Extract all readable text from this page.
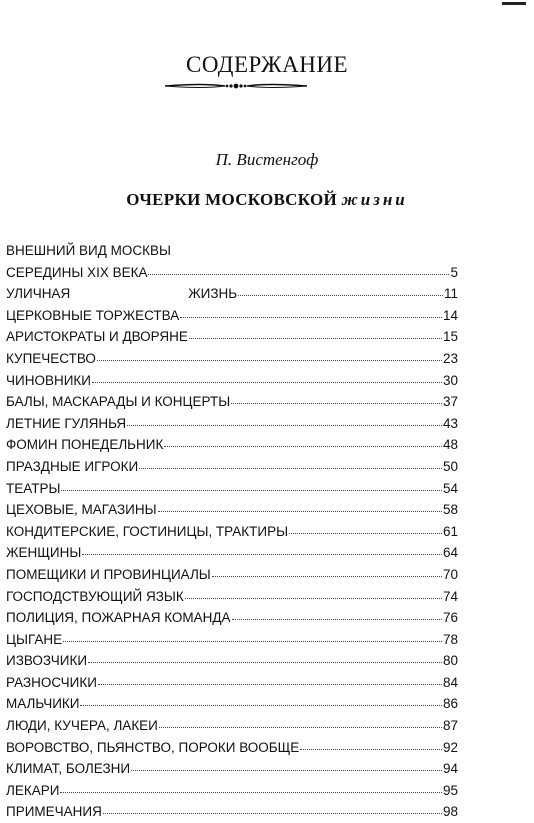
СОДЕРЖАНИЕ
П. Вистенгоф
ОЧЕРКИ МОСКОВСКОЙ жизни
ВНЕШНИЙ ВИД МОСКВЫ
СЕРЕДИНЫ XIX ВЕКА	5
УЛИЧНАЯ	ЖИЗНЬ	11
ЦЕРКОВНЫЕ ТОРЖЕСТВА	14
АРИСТОКРАТЫ И ДВОРЯНЕ	15
КУПЕЧЕСТВО	23
ЧИНОВНИКИ	30
БАЛЫ, МАСКАРАДЫ И КОНЦЕРТЫ	37
ЛЕТНИЕ ГУЛЯНЬЯ	43
ФОМИН ПОНЕДЕЛЬНИК	48
ПРАЗДНЫЕ ИГРОКИ	50
ТЕАТРЫ	54
ЦЕХОВЫЕ, МАГАЗИНЫ	58
КОНДИТЕРСКИЕ, ГОСТИНИЦЫ, ТРАКТИРЫ	61
ЖЕНЩИНЫ	64
ПОМЕЩИКИ И ПРОВИНЦИАЛЫ	70
ГОСПОДСТВУЮЩИЙ ЯЗЫК	74
ПОЛИЦИЯ, ПОЖАРНАЯ КОМАНДА	76
ЦЫГАНЕ	78
ИЗВОЗЧИКИ	80
РАЗНОСЧИКИ	84
МАЛЬЧИКИ	86
ЛЮДИ, КУЧЕРА, ЛАКЕИ	87
ВОРОВСТВО, ПЬЯНСТВО, ПОРОКИ ВООБЩЕ	92
КЛИМАТ, БОЛЕЗНИ	94
ЛЕКАРИ	95
ПРИМЕЧАНИЯ	98
